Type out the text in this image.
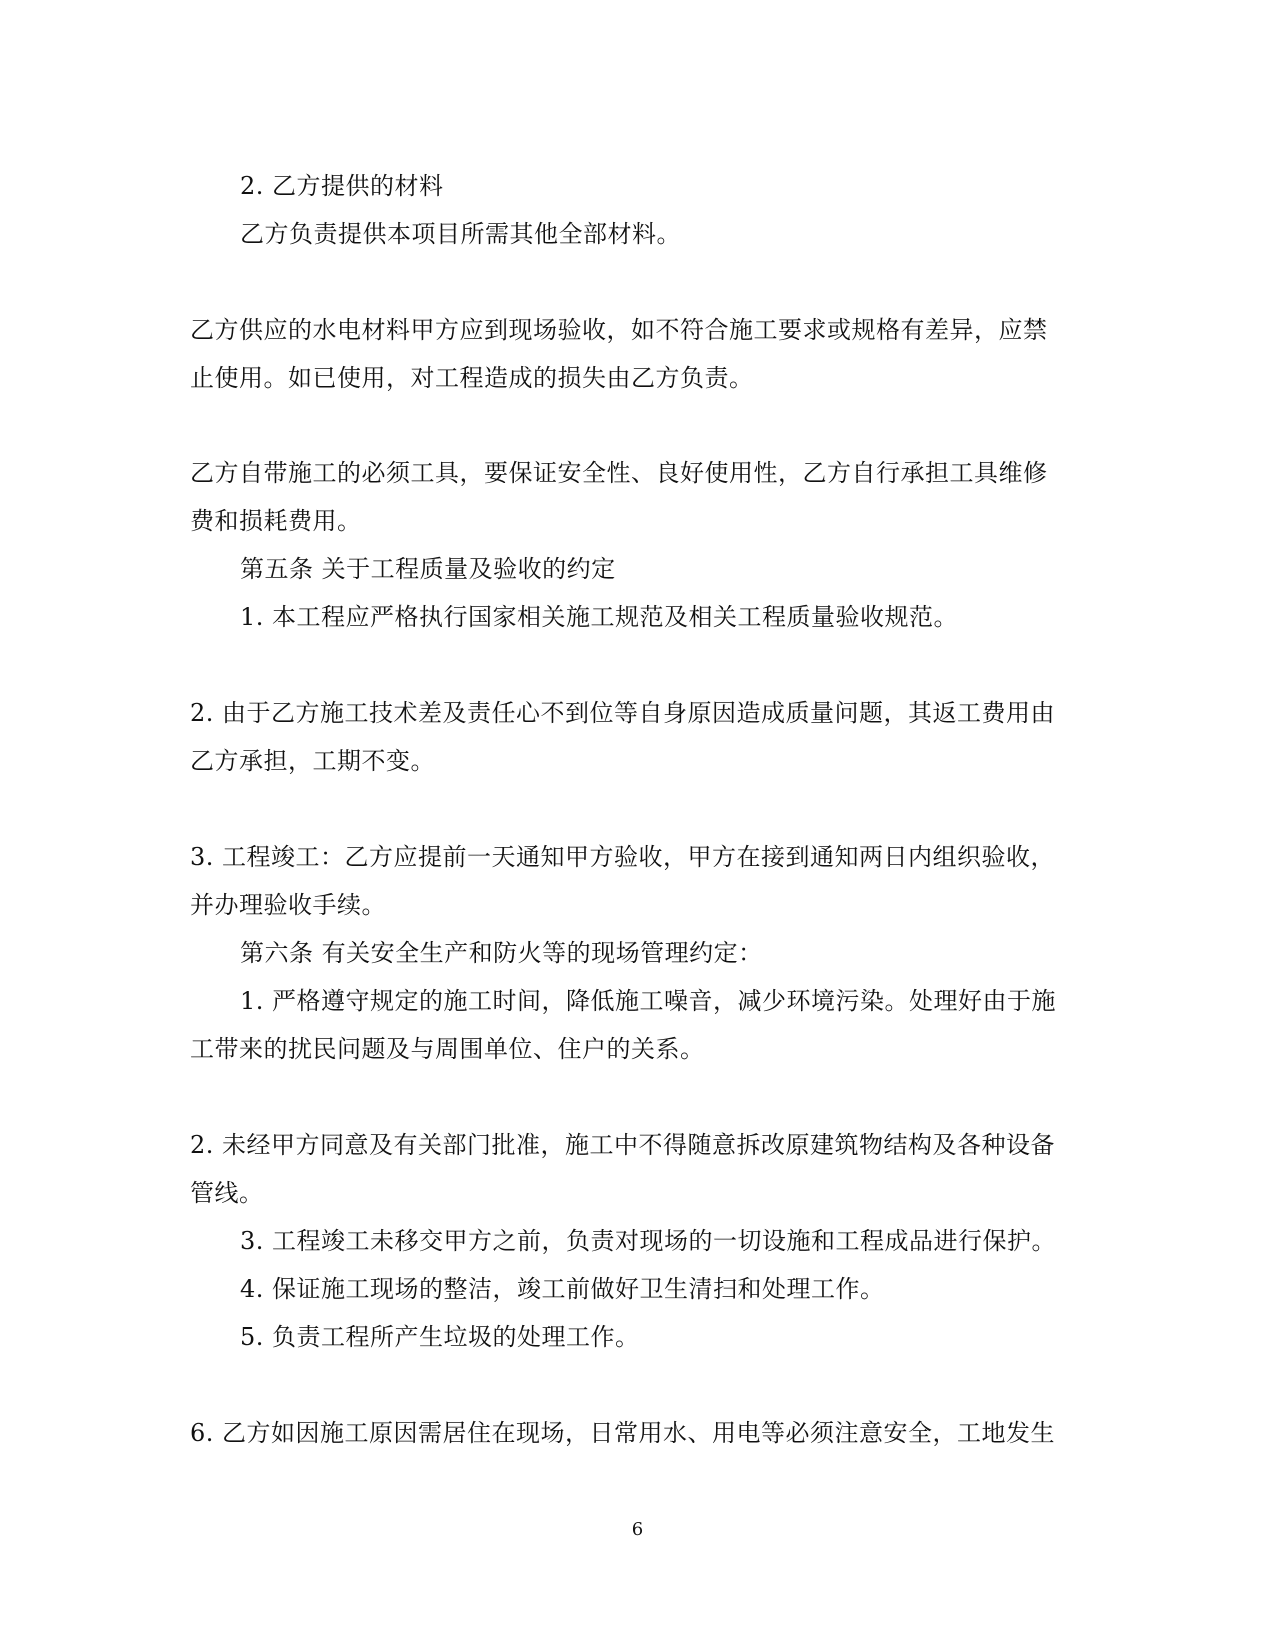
2. 乙方提供的材料
乙方负责提供本项目所需其他全部材料。
乙方供应的水电材料甲方应到现场验收，如不符合施工要求或规格有差异，应禁
止使用。如已使用，对工程造成的损失由乙方负责。
乙方自带施工的必须工具，要保证安全性、良好使用性，乙方自行承担工具维修
费和损耗费用。
第五条 关于工程质量及验收的约定
1. 本工程应严格执行国家相关施工规范及相关工程质量验收规范。
2. 由于乙方施工技术差及责任心不到位等自身原因造成质量问题，其返工费用由
乙方承担，工期不变。
3. 工程竣工：乙方应提前一天通知甲方验收，甲方在接到通知两日内组织验收，
并办理验收手续。
第六条 有关安全生产和防火等的现场管理约定：
1. 严格遵守规定的施工时间，降低施工噪音，减少环境污染。处理好由于施
工带来的扰民问题及与周围单位、住户的关系。
2. 未经甲方同意及有关部门批准，施工中不得随意拆改原建筑物结构及各种设备
管线。
3. 工程竣工未移交甲方之前，负责对现场的一切设施和工程成品进行保护。
4. 保证施工现场的整洁，竣工前做好卫生清扫和处理工作。
5. 负责工程所产生垃圾的处理工作。
6. 乙方如因施工原因需居住在现场，日常用水、用电等必须注意安全，工地发生
6
